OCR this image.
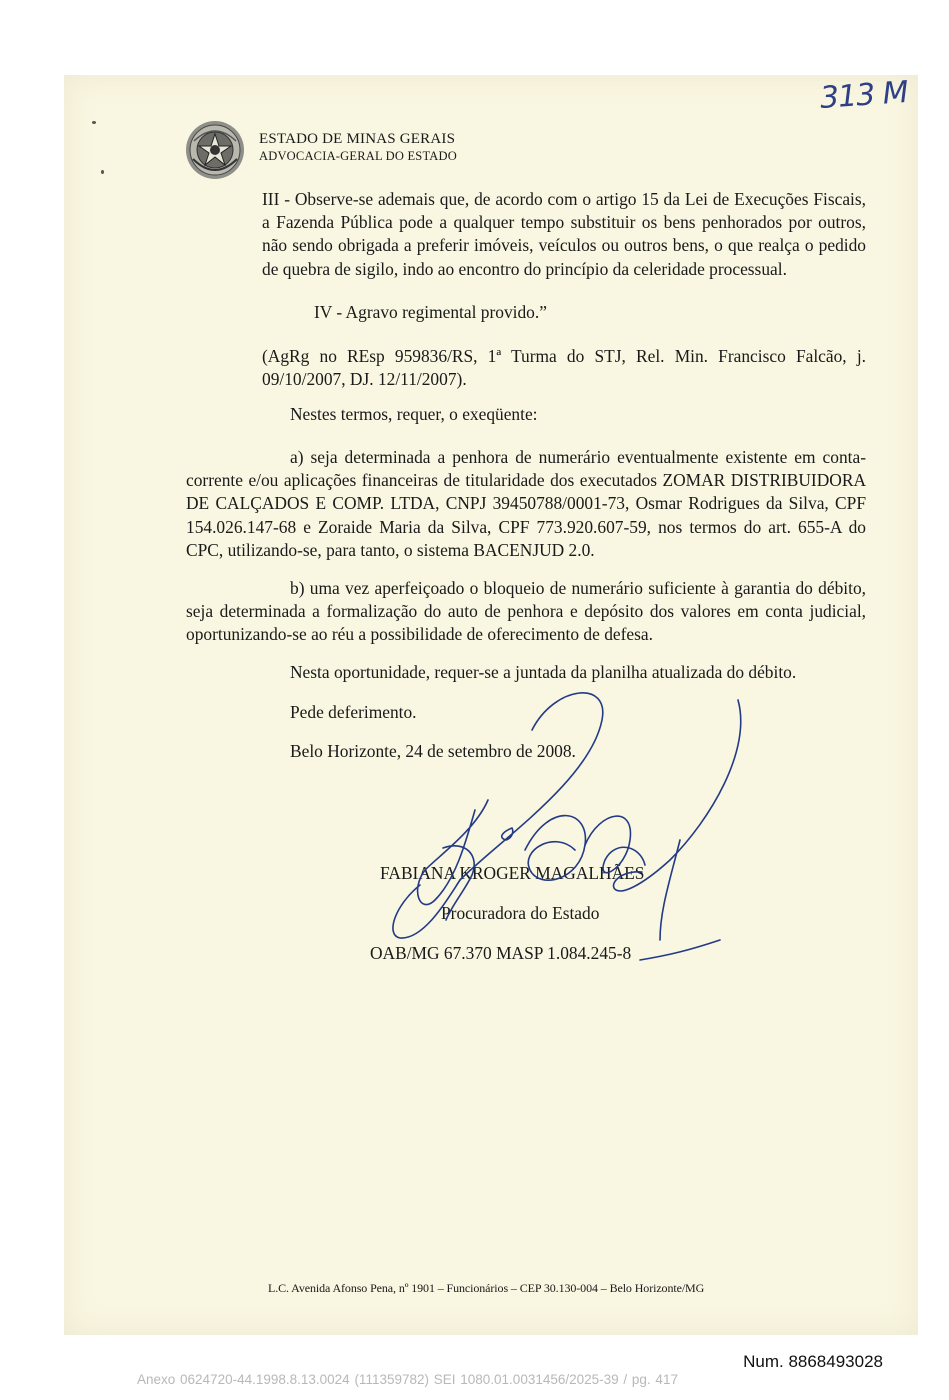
313 M
ESTADO DE MINAS GERAIS
ADVOCACIA-GERAL DO ESTADO
III - Observe-se ademais que, de acordo com o artigo 15 da Lei de Execuções Fiscais, a Fazenda Pública pode a qualquer tempo substituir os bens penhorados por outros, não sendo obrigada a preferir imóveis, veículos ou outros bens, o que realça o pedido de quebra de sigilo, indo ao encontro do princípio da celeridade processual.
IV - Agravo regimental provido.”
(AgRg no REsp 959836/RS, 1ª Turma do STJ, Rel. Min. Francisco Falcão, j. 09/10/2007, DJ. 12/11/2007).
Nestes termos, requer, o exeqüente:
a) seja determinada a penhora de numerário eventualmente existente em conta-corrente e/ou aplicações financeiras de titularidade dos executados ZOMAR DISTRIBUIDORA DE CALÇADOS E COMP. LTDA, CNPJ 39450788/0001-73, Osmar Rodrigues da Silva, CPF 154.026.147-68 e Zoraide Maria da Silva, CPF 773.920.607-59, nos termos do art. 655-A do CPC, utilizando-se, para tanto, o sistema BACENJUD 2.0.
b) uma vez aperfeiçoado o bloqueio de numerário suficiente à garantia do débito, seja determinada a formalização do auto de penhora e depósito dos valores em conta judicial, oportunizando-se ao réu a possibilidade de oferecimento de defesa.
Nesta oportunidade, requer-se a juntada da planilha atualizada do débito.
Pede deferimento.
Belo Horizonte, 24 de setembro de 2008.
FABIANA KROGER MAGALHÃES
Procuradora do Estado
OAB/MG 67.370 MASP 1.084.245-8
L.C. Avenida Afonso Pena, nº 1901 – Funcionários – CEP 30.130-004 – Belo Horizonte/MG
Num. 8868493028
Anexo 0624720-44.1998.8.13.0024 (111359782) SEI 1080.01.0031456/2025-39 / pg. 417
